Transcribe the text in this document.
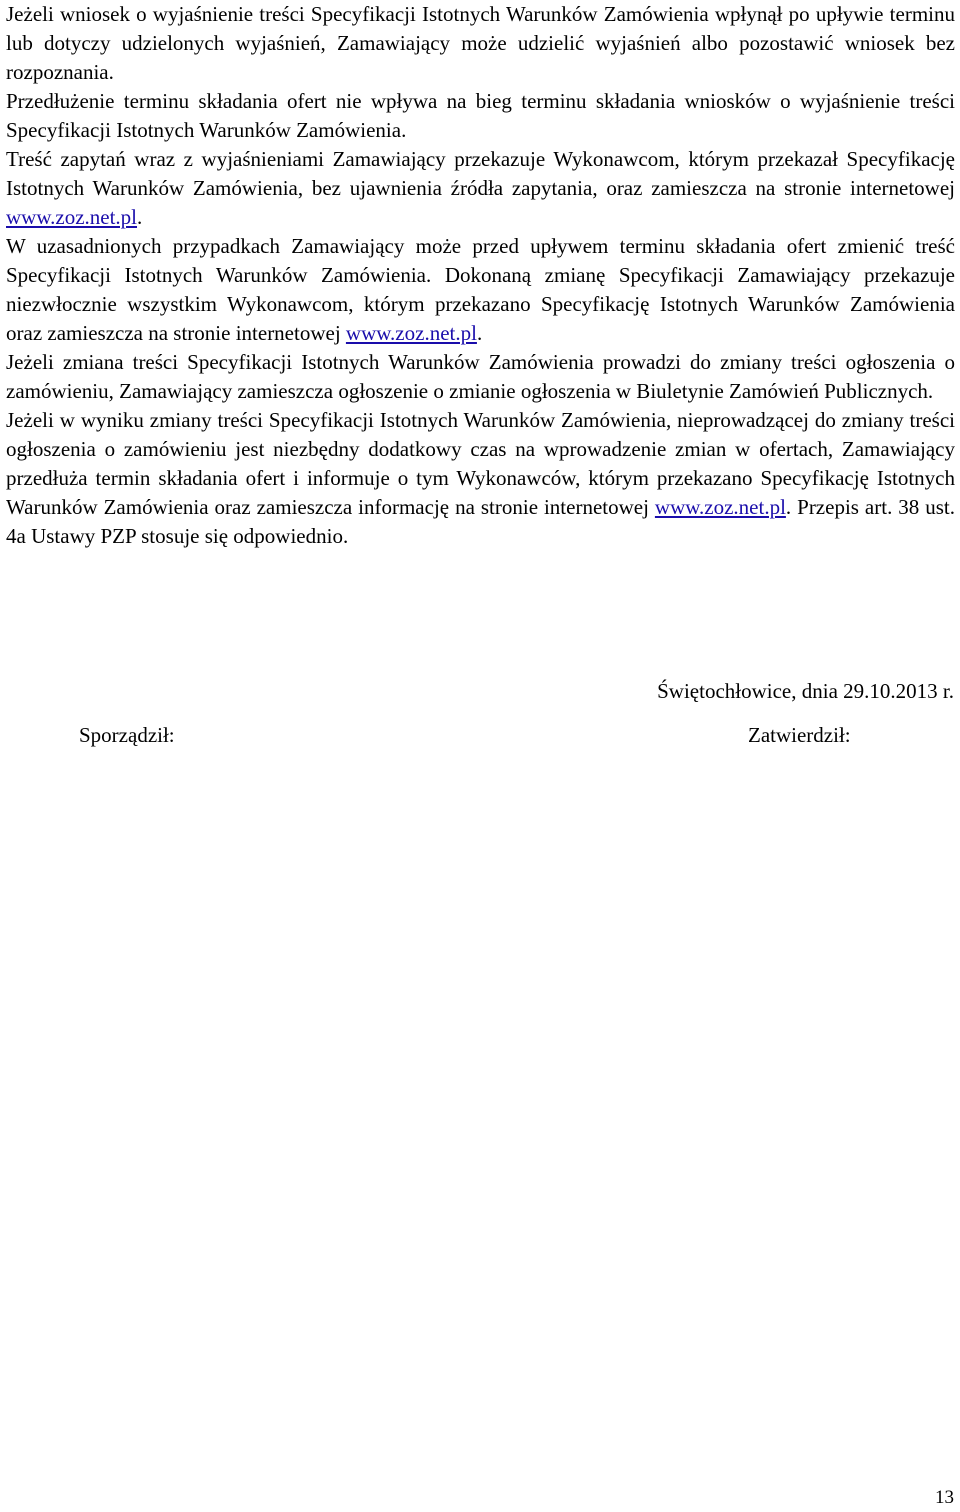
Jeżeli wniosek o wyjaśnienie treści Specyfikacji Istotnych Warunków Zamówienia wpłynął po upływie terminu lub dotyczy udzielonych wyjaśnień, Zamawiający może udzielić wyjaśnień albo pozostawić wniosek bez rozpoznania.

Przedłużenie terminu składania ofert nie wpływa na bieg terminu składania wniosków o wyjaśnienie treści Specyfikacji Istotnych Warunków Zamówienia.

Treść zapytań wraz z wyjaśnieniami Zamawiający przekazuje Wykonawcom, którym przekazał Specyfikację Istotnych Warunków Zamówienia, bez ujawnienia źródła zapytania, oraz zamieszcza na stronie internetowej www.zoz.net.pl.

W uzasadnionych przypadkach Zamawiający może przed upływem terminu składania ofert zmienić treść Specyfikacji Istotnych Warunków Zamówienia. Dokonaną zmianę Specyfikacji Zamawiający przekazuje niezwłocznie wszystkim Wykonawcom, którym przekazano Specyfikację Istotnych Warunków Zamówienia oraz zamieszcza na stronie internetowej www.zoz.net.pl.

Jeżeli zmiana treści Specyfikacji Istotnych Warunków Zamówienia prowadzi do zmiany treści ogłoszenia o zamówieniu, Zamawiający zamieszcza ogłoszenie o zmianie ogłoszenia w Biuletynie Zamówień Publicznych.

Jeżeli w wyniku zmiany treści Specyfikacji Istotnych Warunków Zamówienia, nieprowadzącej do zmiany treści ogłoszenia o zamówieniu jest niezbędny dodatkowy czas na wprowadzenie zmian w ofertach, Zamawiający przedłuża termin składania ofert i informuje o tym Wykonawców, którym przekazano Specyfikację Istotnych Warunków Zamówienia oraz zamieszcza informację na stronie internetowej www.zoz.net.pl. Przepis art. 38 ust. 4a Ustawy PZP stosuje się odpowiednio.

Świętochłowice, dnia 29.10.2013 r.
Sporządził:	Zatwierdził:
13
